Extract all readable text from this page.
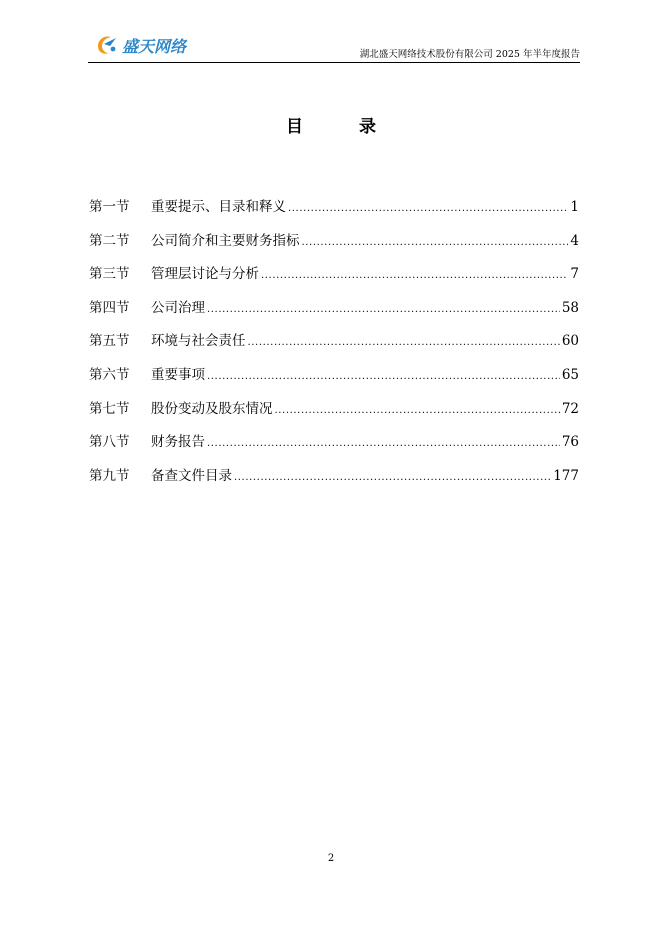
盛天网络	湖北盛天网络技术股份有限公司 2025 年半年度报告
目	录
第一节	重要提示、目录和释义 .....	1
第二节	公司简介和主要财务指标 .....	4
第三节	管理层讨论与分析 .....	7
第四节	公司治理 .....	58
第五节	环境与社会责任 .....	60
第六节	重要事项 .....	65
第七节	股份变动及股东情况 .....	72
第八节	财务报告 .....	76
第九节	备查文件目录 .....	177
2
